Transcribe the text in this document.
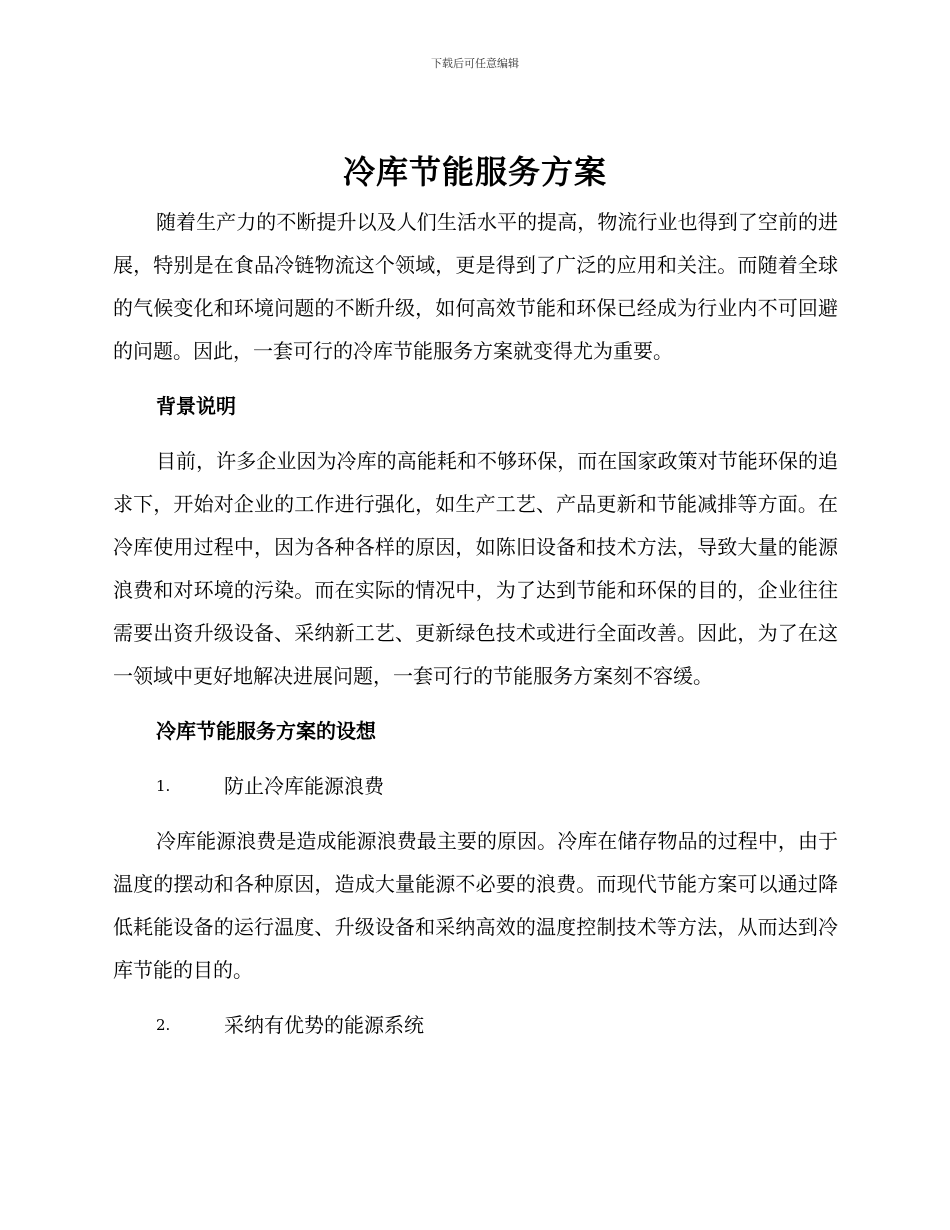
下载后可任意编辑
冷库节能服务方案

随着生产力的不断提升以及人们生活水平的提高，物流行业也得到了空前的进展，特别是在食品冷链物流这个领域，更是得到了广泛的应用和关注。而随着全球的气候变化和环境问题的不断升级，如何高效节能和环保已经成为行业内不可回避的问题。因此，一套可行的冷库节能服务方案就变得尤为重要。

背景说明

目前，许多企业因为冷库的高能耗和不够环保，而在国家政策对节能环保的追求下，开始对企业的工作进行强化，如生产工艺、产品更新和节能减排等方面。在冷库使用过程中，因为各种各样的原因，如陈旧设备和技术方法，导致大量的能源浪费和对环境的污染。而在实际的情况中，为了达到节能和环保的目的，企业往往需要出资升级设备、采纳新工艺、更新绿色技术或进行全面改善。因此，为了在这一领域中更好地解决进展问题，一套可行的节能服务方案刻不容缓。

冷库节能服务方案的设想

1.	防止冷库能源浪费

冷库能源浪费是造成能源浪费最主要的原因。冷库在储存物品的过程中，由于温度的摆动和各种原因，造成大量能源不必要的浪费。而现代节能方案可以通过降低耗能设备的运行温度、升级设备和采纳高效的温度控制技术等方法，从而达到冷库节能的目的。

2.	采纳有优势的能源系统
